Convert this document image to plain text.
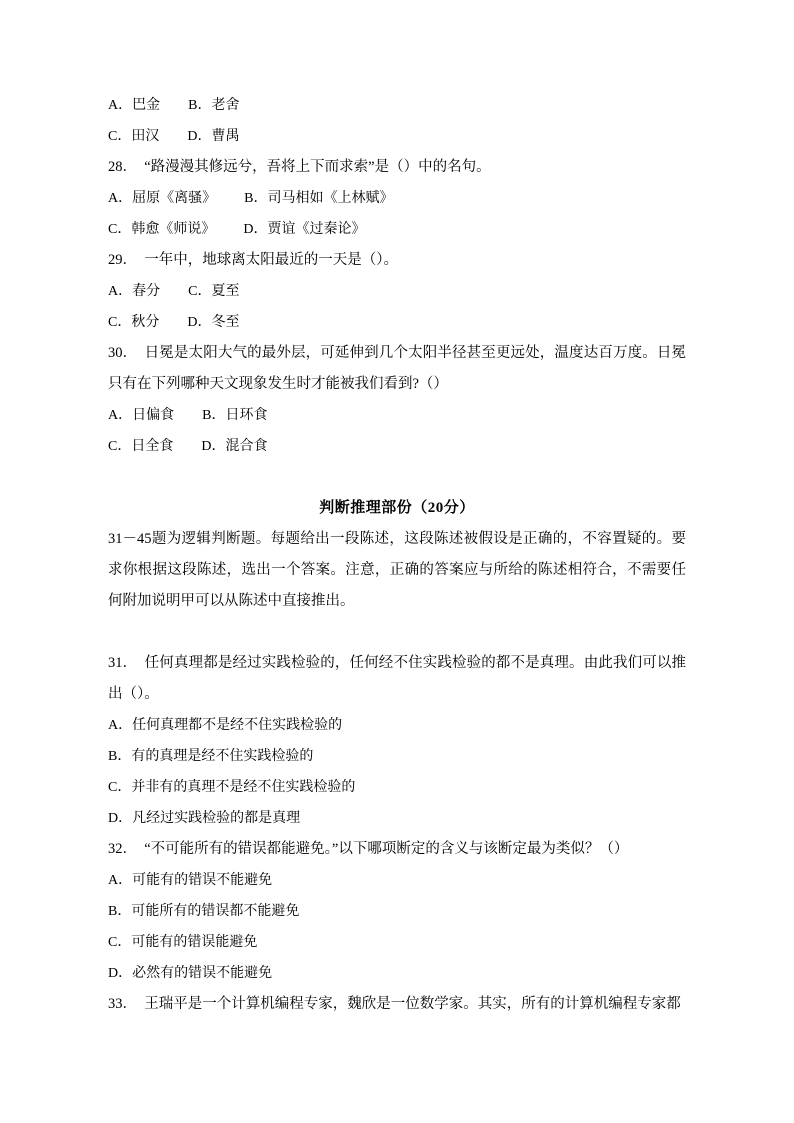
A．巴金　　 B．老舍
C．田汉　　 D．曹禺
28．　“路漫漫其修远兮，吾将上下而求索”是（）中的名句。
A．屈原《离骚》　　 B．司马相如《上林赋》
C．韩愈《师说》　　 D．贾谊《过秦论》
29．　一年中，地球离太阳最近的一天是（）。
A．春分　　 C．夏至
C．秋分　　 D．冬至
30．　日冕是太阳大气的最外层，可延伸到几个太阳半径甚至更远处，温度达百万度。日冕只有在下列哪种天文现象发生时才能被我们看到?（）
A．日偏食　　 B．日环食
C．日全食　　 D．混合食
判断推理部份（20分）
31－45题为逻辑判断题。每题给出一段陈述，这段陈述被假设是正确的，不容置疑的。要求你根据这段陈述，选出一个答案。注意，正确的答案应与所给的陈述相符合，不需要任何附加说明甲可以从陈述中直接推出。
31．　任何真理都是经过实践检验的，任何经不住实践检验的都不是真理。由此我们可以推出（）。
A．任何真理都不是经不住实践检验的
B．有的真理是经不住实践检验的
C．并非有的真理不是经不住实践检验的
D．凡经过实践检验的都是真理
32．　“不可能所有的错误都能避免。”以下哪项断定的含义与该断定最为类似？（）
A．可能有的错误不能避免
B．可能所有的错误都不能避免
C．可能有的错误能避免
D．必然有的错误不能避免
33．　王瑞平是一个计算机编程专家，魏欣是一位数学家。其实，所有的计算机编程专家都
